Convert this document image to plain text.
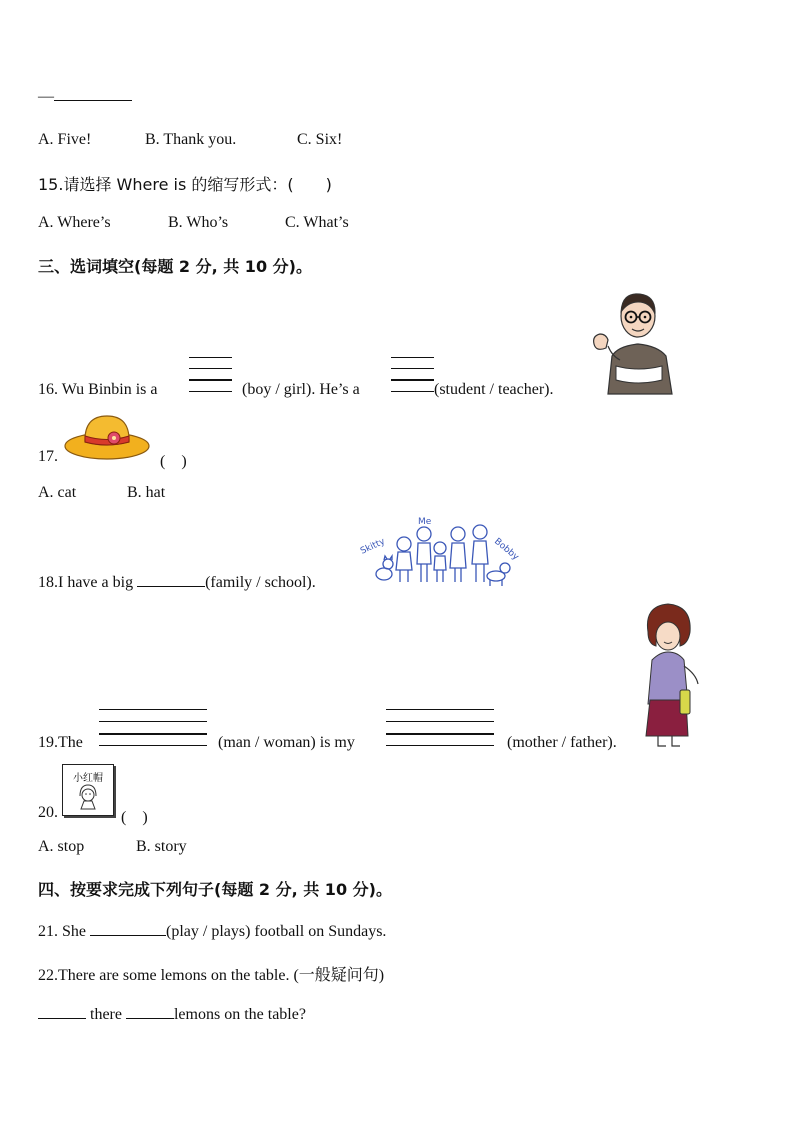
—
A. Five!	B. Thank you.	C. Six!
15.请选择 Where is 的缩写形式：(　　)
A. Where’s	B. Who’s	C. What’s
三、选词填空(每题 2 分, 共 10 分)。
16. Wu Binbin is a	(boy / girl). He’s a	(student / teacher).
17.	(　)
A. cat	B. hat
18.I have a big	(family / school).
Skitty
Me
Bobby
19.The	(man / woman) is my	(mother / father).
20.
小红帽
(　)
A. stop	B. story
四、按要求完成下列句子(每题 2 分, 共 10 分)。
21. She	(play / plays) football on Sundays.
22.There are some lemons on the table. (一般疑问句)
there	lemons on the table?
